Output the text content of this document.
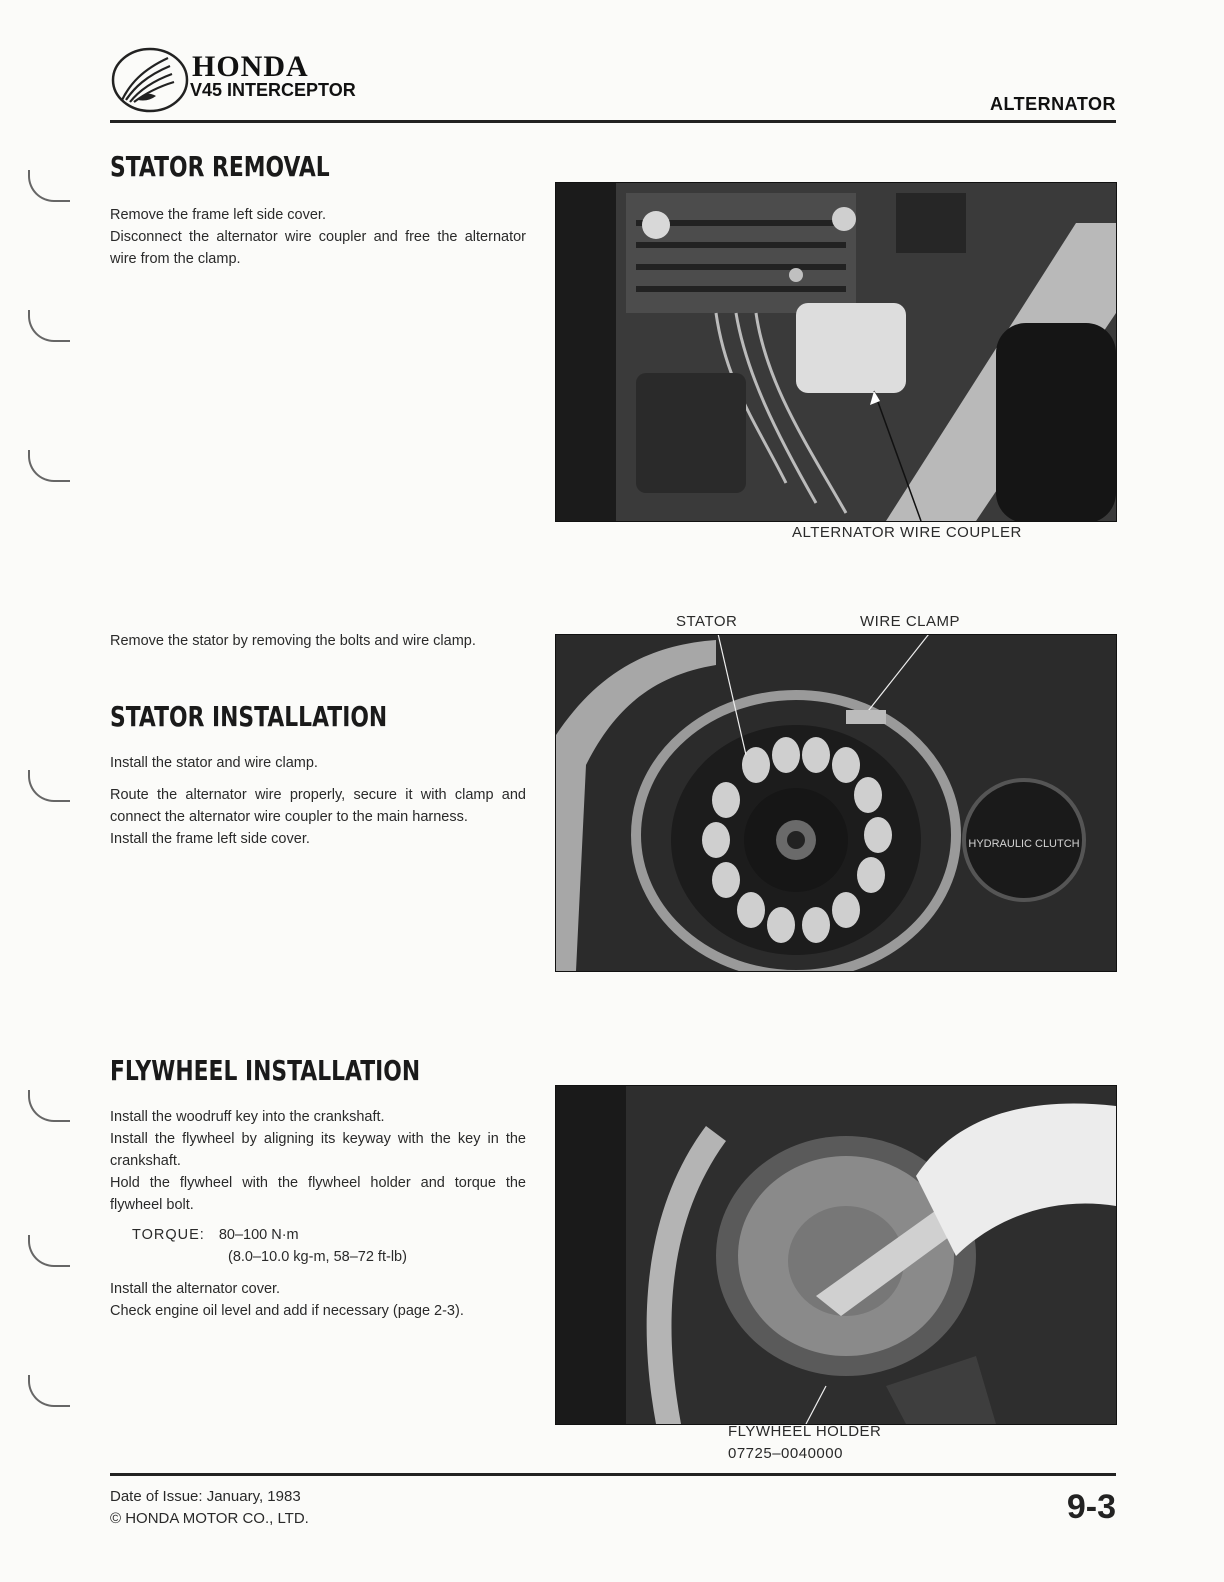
HONDA
V45 INTERCEPTOR
ALTERNATOR
STATOR REMOVAL

Remove the frame left side cover.

Disconnect the alternator wire coupler and free the alternator wire from the clamp.

Remove the stator by removing the bolts and wire clamp.

STATOR INSTALLATION

Install the stator and wire clamp.

Route the alternator wire properly, secure it with clamp and connect the alternator wire coupler to the main harness.

Install the frame left side cover.

FLYWHEEL INSTALLATION

Install the woodruff key into the crankshaft.

Install the flywheel by aligning its keyway with the key in the crankshaft.

Hold the flywheel with the flywheel holder and torque the flywheel bolt.

TORQUE: 80–100 N·m
(8.0–10.0 kg-m, 58–72 ft-lb)

Install the alternator cover.

Check engine oil level and add if necessary (page 2-3).

ALTERNATOR WIRE COUPLER
STATOR	WIRE CLAMP
HYDRAULIC CLUTCH
FLYWHEEL HOLDER
07725–0040000
Date of Issue: January, 1983
© HONDA MOTOR CO., LTD.	9-3
